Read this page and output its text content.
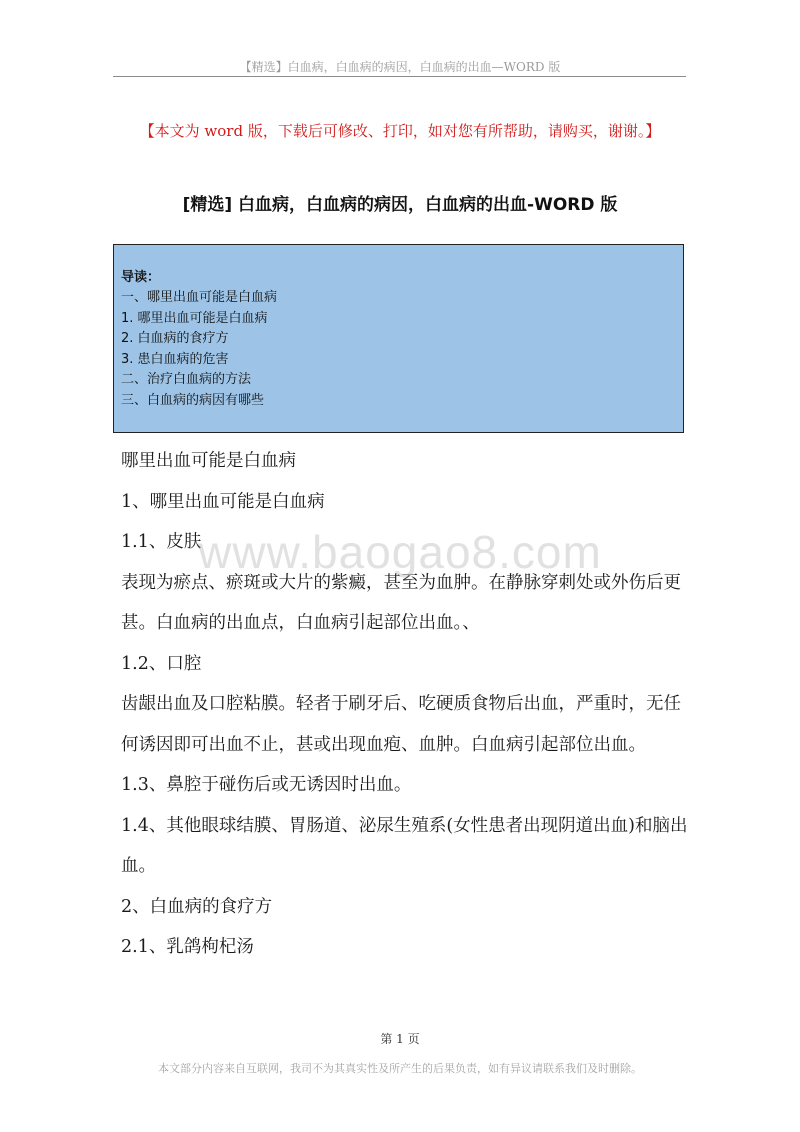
【精选】白血病，白血病的病因，白血病的出血—WORD 版
【本文为 word 版，下载后可修改、打印，如对您有所帮助，请购买，谢谢。】
[精选] 白血病，白血病的病因，白血病的出血-WORD 版
导读：
一、哪里出血可能是白血病
1. 哪里出血可能是白血病
2. 白血病的食疗方
3. 患白血病的危害
二、治疗白血病的方法
三、白血病的病因有哪些

哪里出血可能是白血病

1、哪里出血可能是白血病

1.1、皮肤

表现为瘀点、瘀斑或大片的紫癜，甚至为血肿。在静脉穿刺处或外伤后更甚。白血病的出血点，白血病引起部位出血。、

1.2、口腔

齿龈出血及口腔粘膜。轻者于刷牙后、吃硬质食物后出血，严重时，无任何诱因即可出血不止，甚或出现血疱、血肿。白血病引起部位出血。

1.3、鼻腔于碰伤后或无诱因时出血。

1.4、其他眼球结膜、胃肠道、泌尿生殖系(女性患者出现阴道出血)和脑出血。

2、白血病的食疗方

2.1、乳鸽枸杞汤

www.baogao8.com
第 1 页
本文部分内容来自互联网，我司不为其真实性及所产生的后果负责，如有异议请联系我们及时删除。
